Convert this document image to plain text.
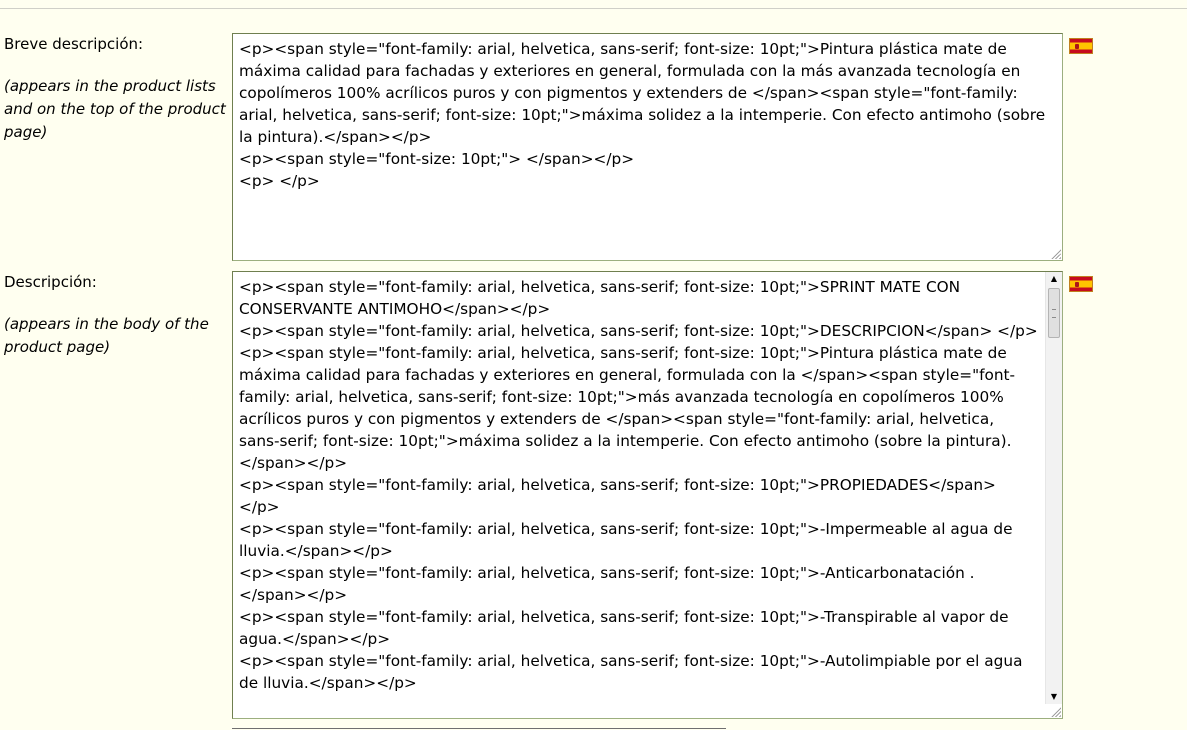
Breve descripción:
(appears in the product lists and on the top of the product page)
<p><span style="font-family: arial, helvetica, sans-serif; font-size: 10pt;">Pintura plástica mate de máxima calidad para fachadas y exteriores en general, formulada con la más avanzada tecnología en copolímeros 100% acrílicos puros y con pigmentos y extenders de </span><span style="font-family: arial, helvetica, sans-serif; font-size: 10pt;">máxima solidez a la intemperie. Con efecto antimoho (sobre la pintura).</span></p>
<p><span style="font-size: 10pt;"> </span></p>
<p> </p>
Descripción:
(appears in the body of the product page)
<p><span style="font-family: arial, helvetica, sans-serif; font-size: 10pt;">SPRINT MATE CON CONSERVANTE ANTIMOHO</span></p>
<p><span style="font-family: arial, helvetica, sans-serif; font-size: 10pt;">DESCRIPCION</span> </p>
<p><span style="font-family: arial, helvetica, sans-serif; font-size: 10pt;">Pintura plástica mate de máxima calidad para fachadas y exteriores en general, formulada con la </span><span style="font-family: arial, helvetica, sans-serif; font-size: 10pt;">más avanzada tecnología en copolímeros 100% acrílicos puros y con pigmentos y extenders de </span><span style="font-family: arial, helvetica, sans-serif; font-size: 10pt;">máxima solidez a la intemperie. Con efecto antimoho (sobre la pintura). </span></p>
<p><span style="font-family: arial, helvetica, sans-serif; font-size: 10pt;">PROPIEDADES</span> </p>
<p><span style="font-family: arial, helvetica, sans-serif; font-size: 10pt;">-Impermeable al agua de lluvia.</span></p>
<p><span style="font-family: arial, helvetica, sans-serif; font-size: 10pt;">-Anticarbonatación . </span></p>
<p><span style="font-family: arial, helvetica, sans-serif; font-size: 10pt;">-Transpirable al vapor de agua.</span></p>
<p><span style="font-family: arial, helvetica, sans-serif; font-size: 10pt;">-Autolimpiable por el agua de lluvia.</span></p>
▲
▼
